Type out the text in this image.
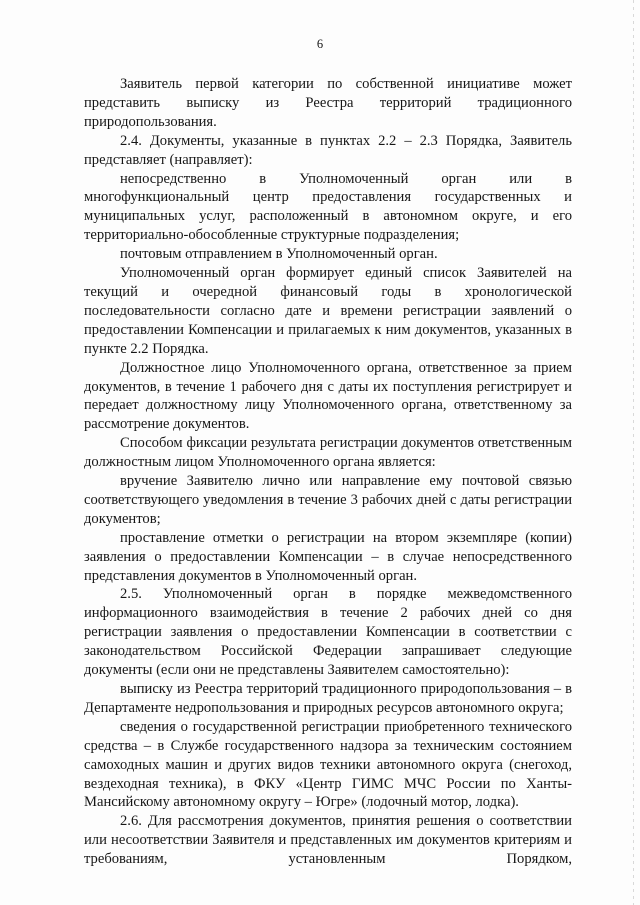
6

Заявитель первой категории по собственной инициативе может представить выписку из Реестра территорий традиционного природопользования.

2.4. Документы, указанные в пунктах 2.2 – 2.3 Порядка, Заявитель представляет (направляет):

непосредственно в Уполномоченный орган или в многофункциональный центр предоставления государственных и муниципальных услуг, расположенный в автономном округе, и его территориально-обособленные структурные подразделения;

почтовым отправлением в Уполномоченный орган.

Уполномоченный орган формирует единый список Заявителей на текущий и очередной финансовый годы в хронологической последовательности согласно дате и времени регистрации заявлений о предоставлении Компенсации и прилагаемых к ним документов, указанных в пункте 2.2 Порядка.

Должностное лицо Уполномоченного органа, ответственное за прием документов, в течение 1 рабочего дня с даты их поступления регистрирует и передает должностному лицу Уполномоченного органа, ответственному за рассмотрение документов.

Способом фиксации результата регистрации документов ответственным должностным лицом Уполномоченного органа является:

вручение Заявителю лично или направление ему почтовой связью соответствующего уведомления в течение 3 рабочих дней с даты регистрации документов;

проставление отметки о регистрации на втором экземпляре (копии) заявления о предоставлении Компенсации – в случае непосредственного представления документов в Уполномоченный орган.

2.5. Уполномоченный орган в порядке межведомственного информационного взаимодействия в течение 2 рабочих дней со дня регистрации заявления о предоставлении Компенсации в соответствии с законодательством Российской Федерации запрашивает следующие документы (если они не представлены Заявителем самостоятельно):

выписку из Реестра территорий традиционного природопользования – в Департаменте недропользования и природных ресурсов автономного округа;

сведения о государственной регистрации приобретенного технического средства – в Службе государственного надзора за техническим состоянием самоходных машин и других видов техники автономного округа (снегоход, вездеходная техника), в ФКУ «Центр ГИМС МЧС России по Ханты-Мансийскому автономному округу – Югре» (лодочный мотор, лодка).

2.6. Для рассмотрения документов, принятия решения о соответствии или несоответствии Заявителя и представленных им документов критериям и требованиям, установленным Порядком,
